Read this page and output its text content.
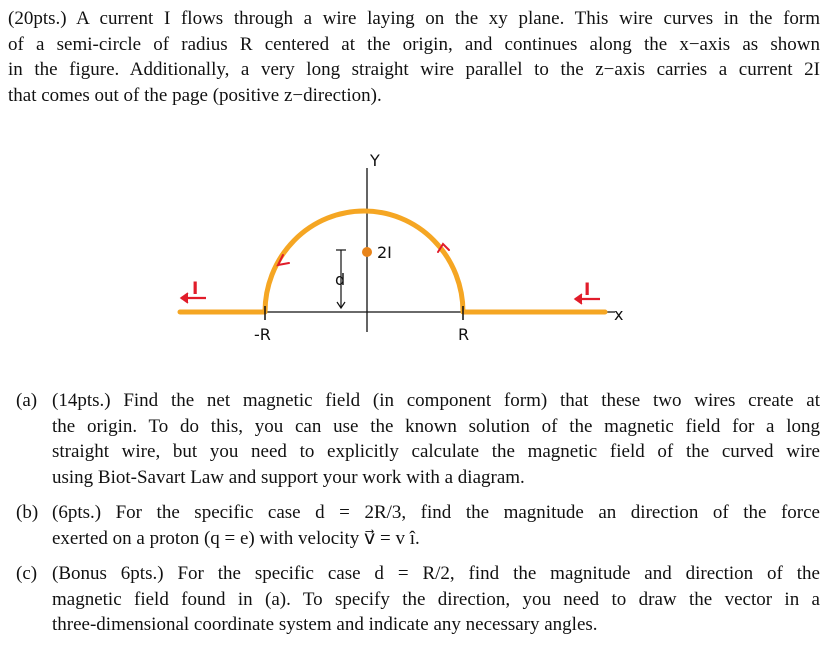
(20pts.) A current I flows through a wire laying on the xy plane. This wire curves in the form
of a semi-circle of radius R centered at the origin, and continues along the x−axis as shown
in the figure. Additionally, a very long straight wire parallel to the z−axis carries a current 2I
that comes out of the page (positive z−direction).
Y
x
-R	R
d
2I
I	I
(a) (14pts.) Find the net magnetic field (in component form) that these two wires create at
the origin. To do this, you can use the known solution of the magnetic field for a long
straight wire, but you need to explicitly calculate the magnetic field of the curved wire
using Biot-Savart Law and support your work with a diagram.
(b) (6pts.) For the specific case d = 2R/3, find the magnitude an direction of the force
exerted on a proton (q = e) with velocity v⃗ = v î.
(c) (Bonus 6pts.) For the specific case d = R/2, find the magnitude and direction of the
magnetic field found in (a). To specify the direction, you need to draw the vector in a
three-dimensional coordinate system and indicate any necessary angles.
